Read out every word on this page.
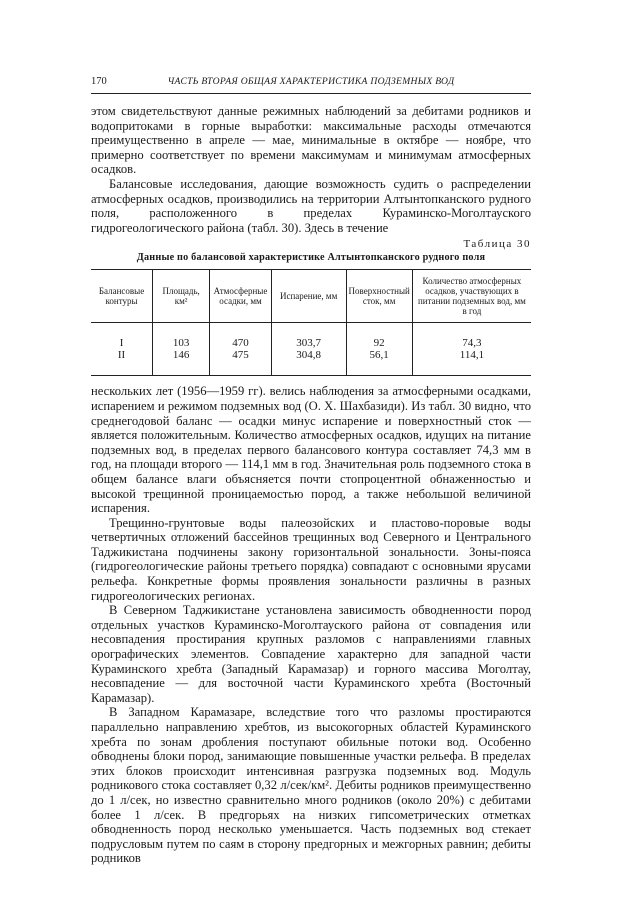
170	ЧАСТЬ ВТОРАЯ ОБЩАЯ ХАРАКТЕРИСТИКА ПОДЗЕМНЫХ ВОД

этом свидетельствуют данные режимных наблюдений за дебитами родников и водопритоками в горные выработки: максимальные расходы отмечаются преимущественно в апреле — мае, минимальные в октябре — ноябре, что примерно соответствует по времени максимумам и минимумам атмосферных осадков.

Балансовые исследования, дающие возможность судить о распределении атмосферных осадков, производились на территории Алтынтопканского рудного поля, расположенного в пределах Кураминско-Моголтауского гидрогеологического района (табл. 30). Здесь в течение

Таблица 30
Данные по балансовой характеристике Алтынтопканского рудного поля
Балансовые контуры	Площадь, км²	Атмосферные осадки, мм	Испарение, мм	Поверхностный сток, мм	Количество атмосферных осадков, участвующих в питании подземных вод, мм в год
I	103	470	303,7	92	74,3
II	146	475	304,8	56,1	114,1

нескольких лет (1956—1959 гг). велись наблюдения за атмосферными осадками, испарением и режимом подземных вод (О. Х. Шахбазиди). Из табл. 30 видно, что среднегодовой баланс — осадки минус испарение и поверхностный сток — является положительным. Количество атмосферных осадков, идущих на питание подземных вод, в пределах первого балансового контура составляет 74,3 мм в год, на площади второго — 114,1 мм в год. Значительная роль подземного стока в общем балансе влаги объясняется почти стопроцентной обнаженностью и высокой трещинной проницаемостью пород, а также небольшой величиной испарения.

Трещинно-грунтовые воды палеозойских и пластово-поровые воды четвертичных отложений бассейнов трещинных вод Северного и Центрального Таджикистана подчинены закону горизонтальной зональности. Зоны-пояса (гидрогеологические районы третьего порядка) совпадают с основными ярусами рельефа. Конкретные формы проявления зональности различны в разных гидрогеологических регионах.

В Северном Таджикистане установлена зависимость обводненности пород отдельных участков Кураминско-Моголтауского района от совпадения или несовпадения простирания крупных разломов с направлениями главных орографических элементов. Совпадение характерно для западной части Кураминского хребта (Западный Карамазар) и горного массива Моголтау, несовпадение — для восточной части Кураминского хребта (Восточный Карамазар).

В Западном Карамазаре, вследствие того что разломы простираются параллельно направлению хребтов, из высокогорных областей Кураминского хребта по зонам дробления поступают обильные потоки вод. Особенно обводнены блоки пород, занимающие повышенные участки рельефа. В пределах этих блоков происходит интенсивная разгрузка подземных вод. Модуль родникового стока составляет 0,32 л/сек/км². Дебиты родников преимущественно до 1 л/сек, но известно сравнительно много родников (около 20%) с дебитами более 1 л/сек. В предгорьях на низких гипсометрических отметках обводненность пород несколько уменьшается. Часть подземных вод стекает подрусловым путем по саям в сторону предгорных и межгорных равнин; дебиты родников
